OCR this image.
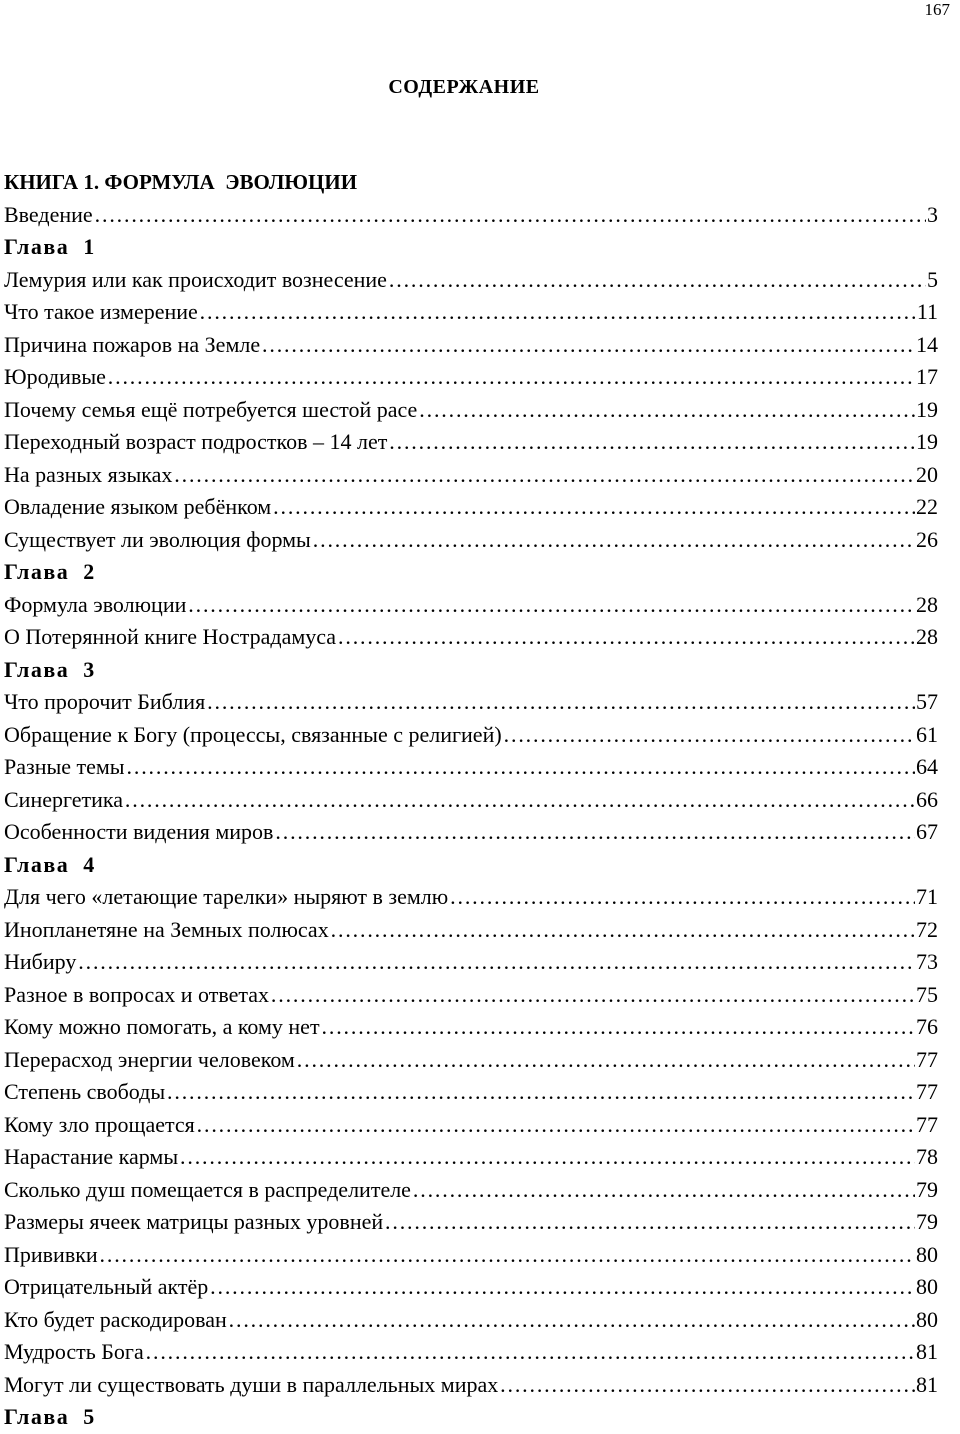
167
СОДЕРЖАНИЕ
КНИГА 1. ФОРМУЛА  ЭВОЛЮЦИИ
Введение …………………………………………………………………………………………………………………………………………………………………………………………………………………………………………………………………………………………	3
Глава  1
Лемурия или как происходит вознесение …………………………………………………………………………………………………………………………………………………………………………………………………………………………………………………………………………………………	5
Что такое измерение …………………………………………………………………………………………………………………………………………………………………………………………………………………………………………………………………………………………	11
Причина пожаров на Земле …………………………………………………………………………………………………………………………………………………………………………………………………………………………………………………………………………………………	14
Юродивые …………………………………………………………………………………………………………………………………………………………………………………………………………………………………………………………………………………………	17
Почему семья ещё потребуется шестой расе …………………………………………………………………………………………………………………………………………………………………………………………………………………………………………………………………………………………	19
Переходный возраст подростков – 14 лет …………………………………………………………………………………………………………………………………………………………………………………………………………………………………………………………………………………………	19
На разных языках …………………………………………………………………………………………………………………………………………………………………………………………………………………………………………………………………………………………	20
Овладение языком ребёнком …………………………………………………………………………………………………………………………………………………………………………………………………………………………………………………………………………………………	22
Существует ли эволюция формы …………………………………………………………………………………………………………………………………………………………………………………………………………………………………………………………………………………………	26
Глава  2
Формула эволюции …………………………………………………………………………………………………………………………………………………………………………………………………………………………………………………………………………………………	28
О Потерянной книге Нострадамуса …………………………………………………………………………………………………………………………………………………………………………………………………………………………………………………………………………………………	28
Глава  3
Что пророчит Библия …………………………………………………………………………………………………………………………………………………………………………………………………………………………………………………………………………………………	57
Обращение к Богу (процессы, связанные с религией) …………………………………………………………………………………………………………………………………………………………………………………………………………………………………………………………………………………………	61
Разные темы …………………………………………………………………………………………………………………………………………………………………………………………………………………………………………………………………………………………	64
Синергетика …………………………………………………………………………………………………………………………………………………………………………………………………………………………………………………………………………………………	66
Особенности видения миров …………………………………………………………………………………………………………………………………………………………………………………………………………………………………………………………………………………………	67
Глава  4
Для чего «летающие тарелки» ныряют в землю …………………………………………………………………………………………………………………………………………………………………………………………………………………………………………………………………………………………	71
Инопланетяне на Земных полюсах …………………………………………………………………………………………………………………………………………………………………………………………………………………………………………………………………………………………	72
Нибиру …………………………………………………………………………………………………………………………………………………………………………………………………………………………………………………………………………………………	73
Разное в вопросах и ответах …………………………………………………………………………………………………………………………………………………………………………………………………………………………………………………………………………………………	75
Кому можно помогать, а кому нет …………………………………………………………………………………………………………………………………………………………………………………………………………………………………………………………………………………………	76
Перерасход энергии человеком …………………………………………………………………………………………………………………………………………………………………………………………………………………………………………………………………………………………	77
Степень свободы …………………………………………………………………………………………………………………………………………………………………………………………………………………………………………………………………………………………	77
Кому зло прощается …………………………………………………………………………………………………………………………………………………………………………………………………………………………………………………………………………………………	77
Нарастание кармы …………………………………………………………………………………………………………………………………………………………………………………………………………………………………………………………………………………………	78
Сколько душ помещается в распределителе …………………………………………………………………………………………………………………………………………………………………………………………………………………………………………………………………………………………	79
Размеры ячеек матрицы разных уровней …………………………………………………………………………………………………………………………………………………………………………………………………………………………………………………………………………………………	79
Прививки …………………………………………………………………………………………………………………………………………………………………………………………………………………………………………………………………………………………	80
Отрицательный актёр …………………………………………………………………………………………………………………………………………………………………………………………………………………………………………………………………………………………	80
Кто будет раскодирован …………………………………………………………………………………………………………………………………………………………………………………………………………………………………………………………………………………………	80
Мудрость Бога …………………………………………………………………………………………………………………………………………………………………………………………………………………………………………………………………………………………	81
Могут ли существовать души в параллельных мирах …………………………………………………………………………………………………………………………………………………………………………………………………………………………………………………………………………………………	81
Глава  5
